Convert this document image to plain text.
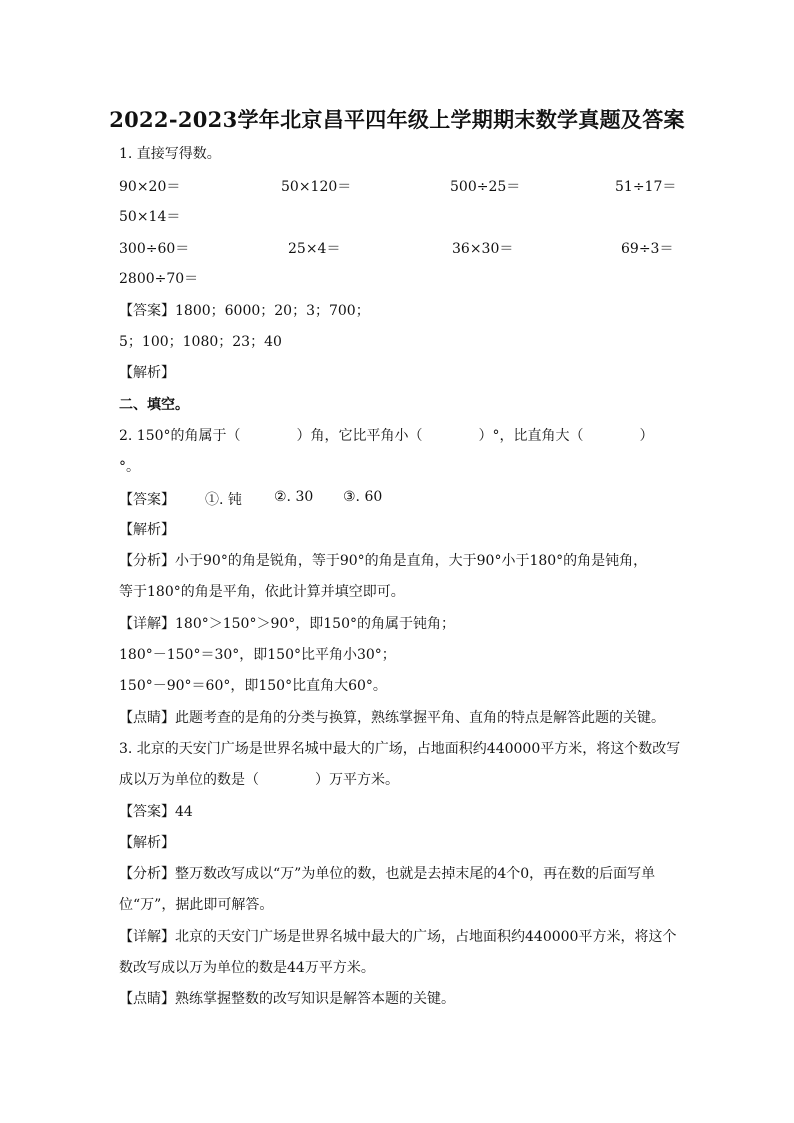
2022-2023学年北京昌平四年级上学期期末数学真题及答案
1. 直接写得数。
90×20＝	50×120＝	500÷25＝	51÷17＝
50×14＝
300÷60＝	25×4＝	36×30＝	69÷3＝
2800÷70＝
【答案】1800；6000；20；3；700；
5；100；1080；23；40
【解析】
二、填空。
2. 150°的角属于（　　　　）角，它比平角小（　　　　）°，比直角大（　　　　）
°。
【答案】 ①. 钝 ②. 30 ③. 60
【解析】
【分析】小于90°的角是锐角，等于90°的角是直角，大于90°小于180°的角是钝角，
等于180°的角是平角，依此计算并填空即可。
【详解】180°＞150°＞90°，即150°的角属于钝角；
180°－150°＝30°，即150°比平角小30°；
150°－90°＝60°，即150°比直角大60°。
【点睛】此题考查的是角的分类与换算，熟练掌握平角、直角的特点是解答此题的关键。
3. 北京的天安门广场是世界名城中最大的广场，占地面积约440000平方米，将这个数改写
成以万为单位的数是（　　　　）万平方米。
【答案】44
【解析】
【分析】整万数改写成以“万”为单位的数，也就是去掉末尾的4个0，再在数的后面写单
位“万”，据此即可解答。
【详解】北京的天安门广场是世界名城中最大的广场，占地面积约440000平方米，将这个
数改写成以万为单位的数是44万平方米。
【点睛】熟练掌握整数的改写知识是解答本题的关键。
